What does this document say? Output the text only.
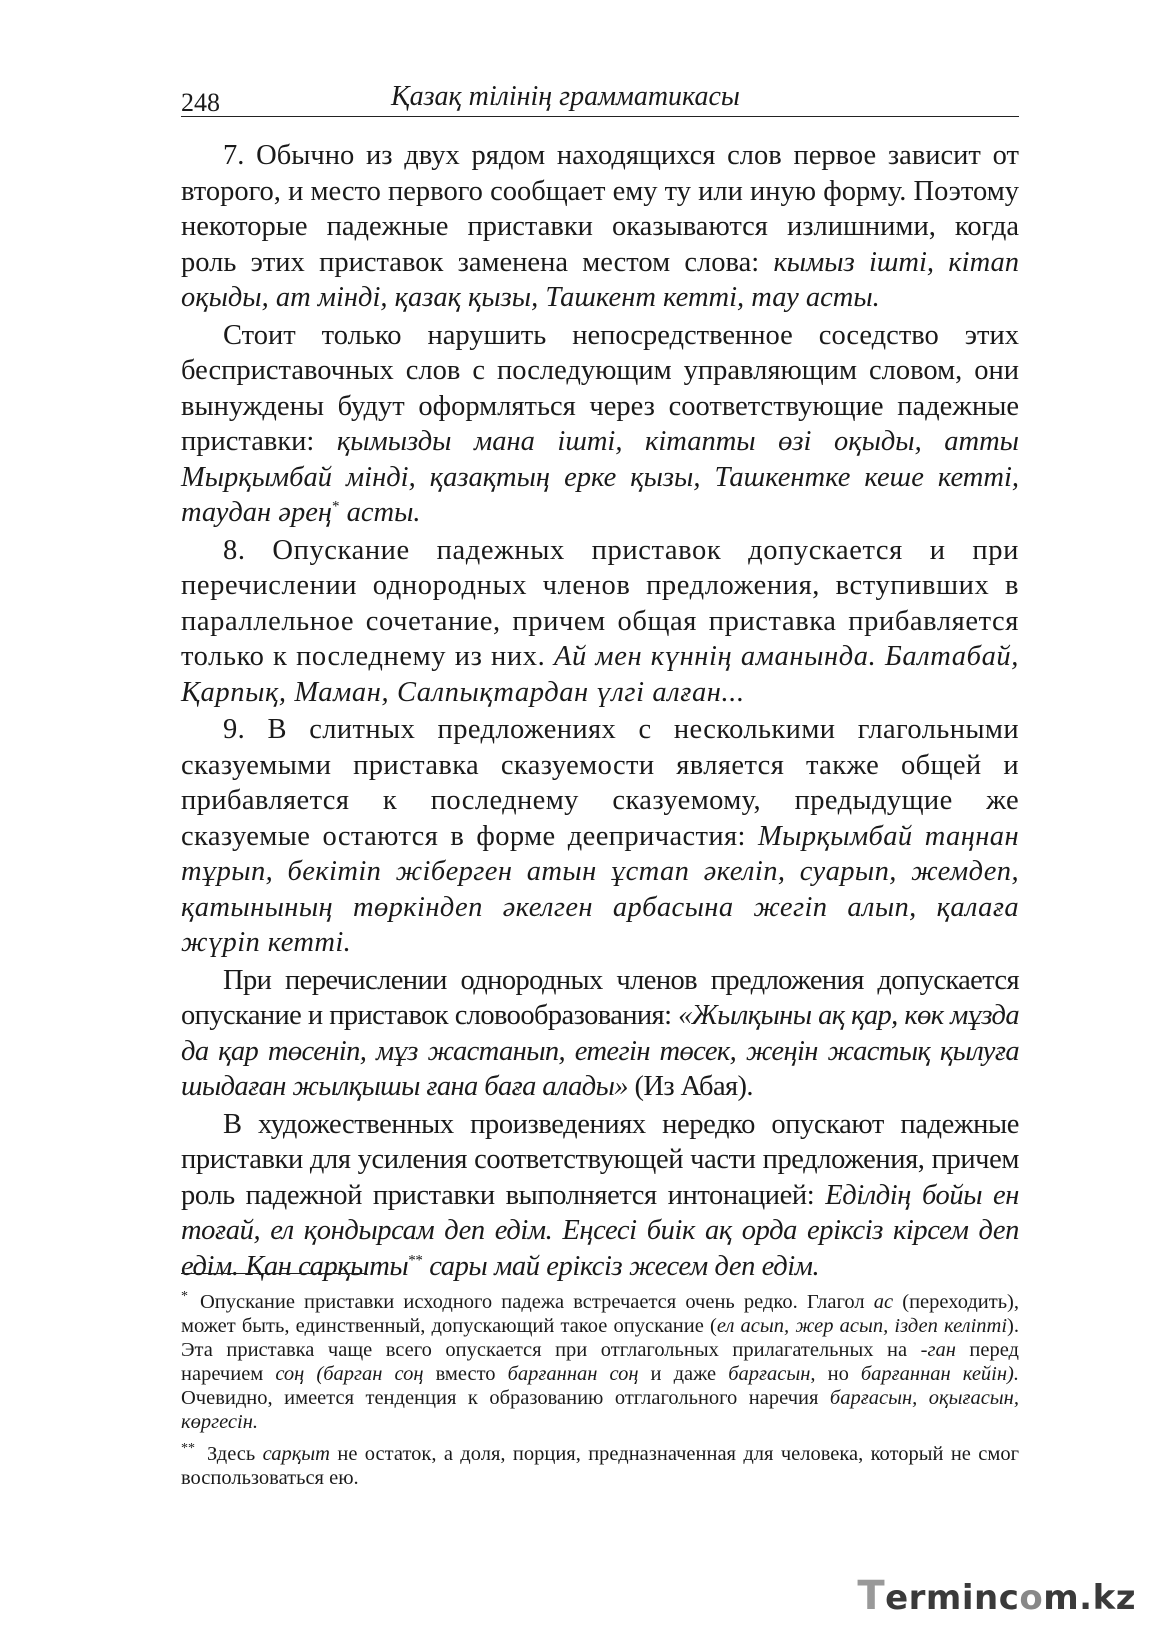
248	Қазақ тілінің грамматикасы

7. Обычно из двух рядом находящихся слов первое зависит от второго, и место первого сообщает ему ту или иную форму. Поэтому некоторые падежные приставки оказываются излишними, когда роль этих приставок заменена местом слова: кымыз ішті, кітап оқыды, ат мінді, қазақ қызы, Ташкент кетті, тау асты.

Стоит только нарушить непосредственное соседство этих бесприставочных слов с последующим управляющим словом, они вынуждены будут оформляться через соответствующие падежные приставки: қымызды мана ішті, кітапты өзі оқыды, атты Мырқымбай мінді, қазақтың ерке қызы, Ташкентке кеше кетті, таудан әрең* асты.

8. Опускание падежных приставок допускается и при перечислении однородных членов предложения, вступивших в параллельное сочетание, причем общая приставка прибавляется только к последнему из них. Ай мен күннің аманында. Балтабай, Қарпық, Маман, Салпықтардан үлгі алған...

9. В слитных предложениях с несколькими глагольными сказуемыми приставка сказуемости является также общей и прибавляется к последнему сказуемому, предыдущие же сказуемые остаются в форме деепричастия: Мырқымбай таңнан тұрып, бекітіп жіберген атын ұстап әкеліп, суарып, жемдеп, қатынының төркіндеп әкелген арбасына жегіп алып, қалаға жүріп кетті.

При перечислении однородных членов предложения допускается опускание и приставок словообразования: «Жылқыны ақ қар, көк мұзда да қар төсеніп, мұз жастанып, етегін төсек, жеңін жастық қылуға шыдаған жылқышы ғана баға алады» (Из Абая).

В художественных произведениях нередко опускают падежные приставки для усиления соответствующей части предложения, причем роль падежной приставки выполняется интонацией: Еділдің бойы ен тоғай, ел қондырсам деп едім. Еңсесі биік ақ орда еріксіз кірсем деп едім. Қан сарқыты** сары май еріксіз жесем деп едім.

* Опускание приставки исходного падежа встречается очень редко. Глагол ас (переходить), может быть, единственный, допускающий такое опускание (ел асып, жер асып, іздеп келіпті). Эта приставка чаще всего опускается при отглагольных прилагательных на -ган перед наречием соң (барган соң вместо барғаннан соң и даже барғасын, но барғаннан кейін). Очевидно, имеется тенденция к образованию отглагольного наречия барғасын, оқығасын, көргесін.

** Здесь сарқыт не остаток, а доля, порция, предназначенная для человека, который не смог воспользоваться ею.

Termincom.kz
